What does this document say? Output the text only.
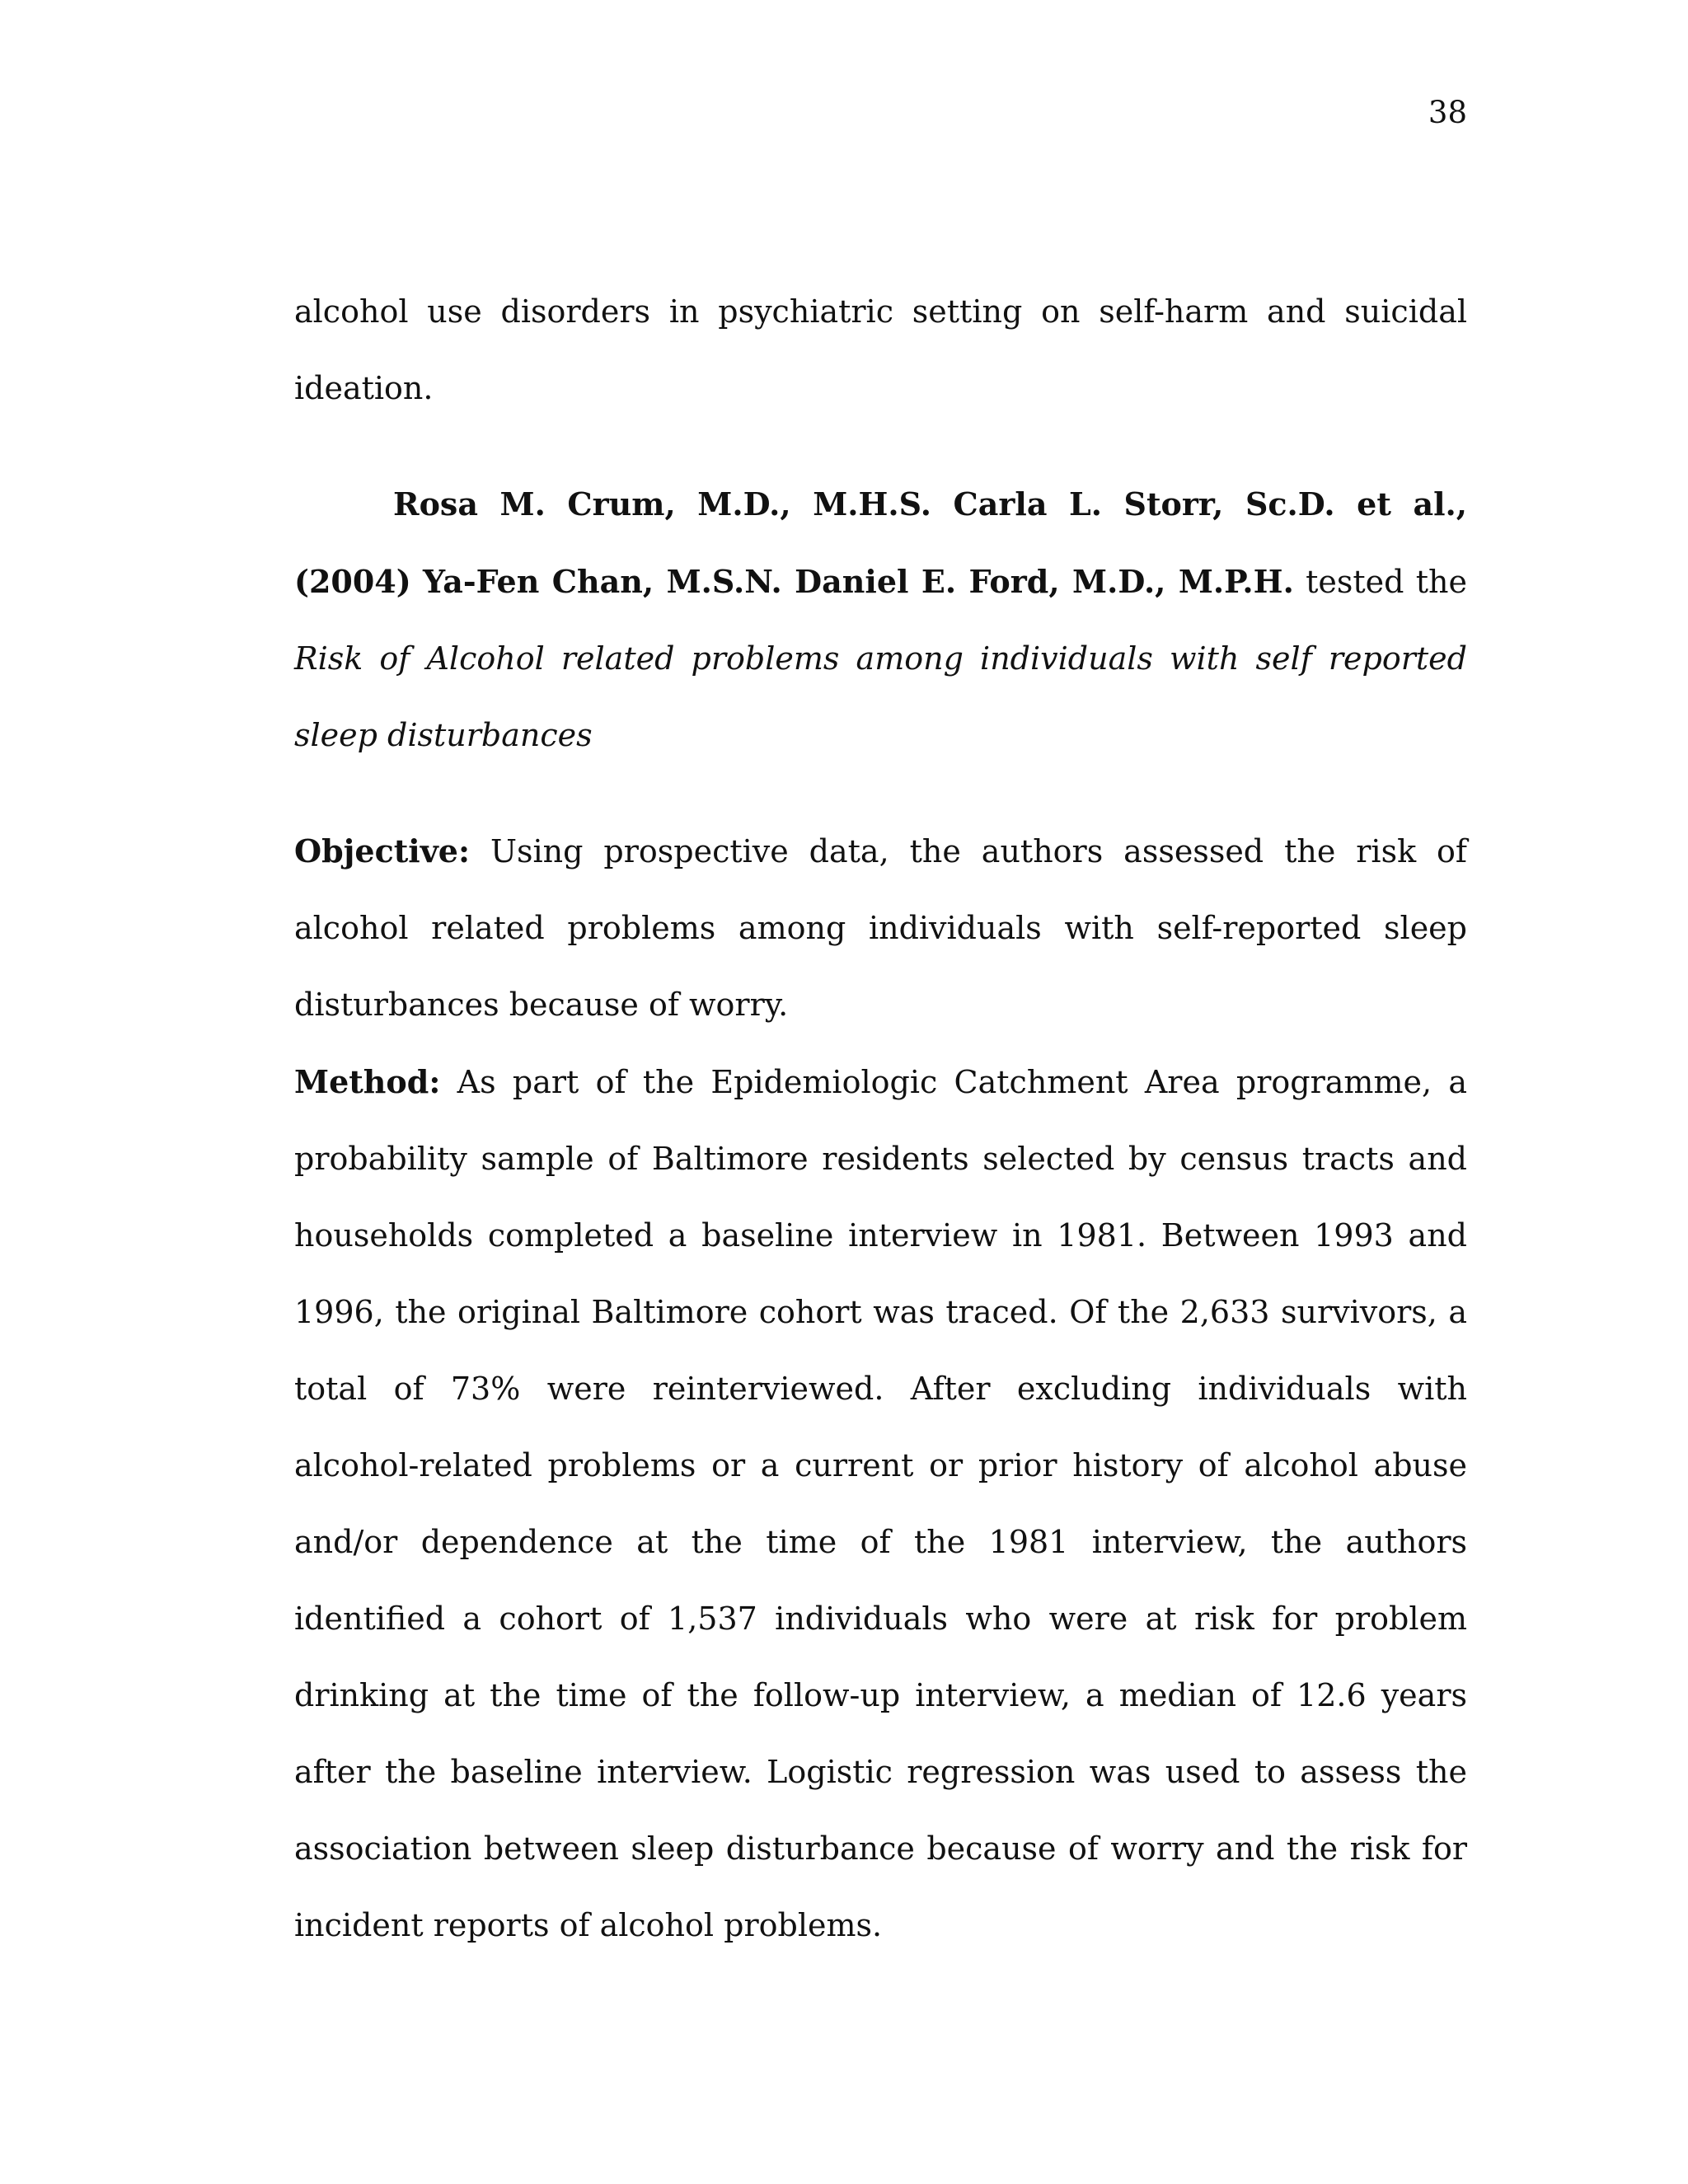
38

alcohol use disorders in psychiatric setting on self-harm and suicidal ideation.

Rosa M. Crum, M.D., M.H.S. Carla L. Storr, Sc.D. et al., (2004) Ya-Fen Chan, M.S.N. Daniel E. Ford, M.D., M.P.H. tested the Risk of Alcohol related problems among individuals with self reported sleep disturbances

Objective: Using prospective data, the authors assessed the risk of alcohol related problems among individuals with self-reported sleep disturbances because of worry.

Method: As part of the Epidemiologic Catchment Area programme, a probability sample of Baltimore residents selected by census tracts and households completed a baseline interview in 1981. Between 1993 and 1996, the original Baltimore cohort was traced. Of the 2,633 survivors, a total of 73% were reinterviewed. After excluding individuals with alcohol-related problems or a current or prior history of alcohol abuse and/or dependence at the time of the 1981 interview, the authors identified a cohort of 1,537 individuals who were at risk for problem drinking at the time of the follow-up interview, a median of 12.6 years after the baseline interview. Logistic regression was used to assess the association between sleep disturbance because of worry and the risk for incident reports of alcohol problems.
